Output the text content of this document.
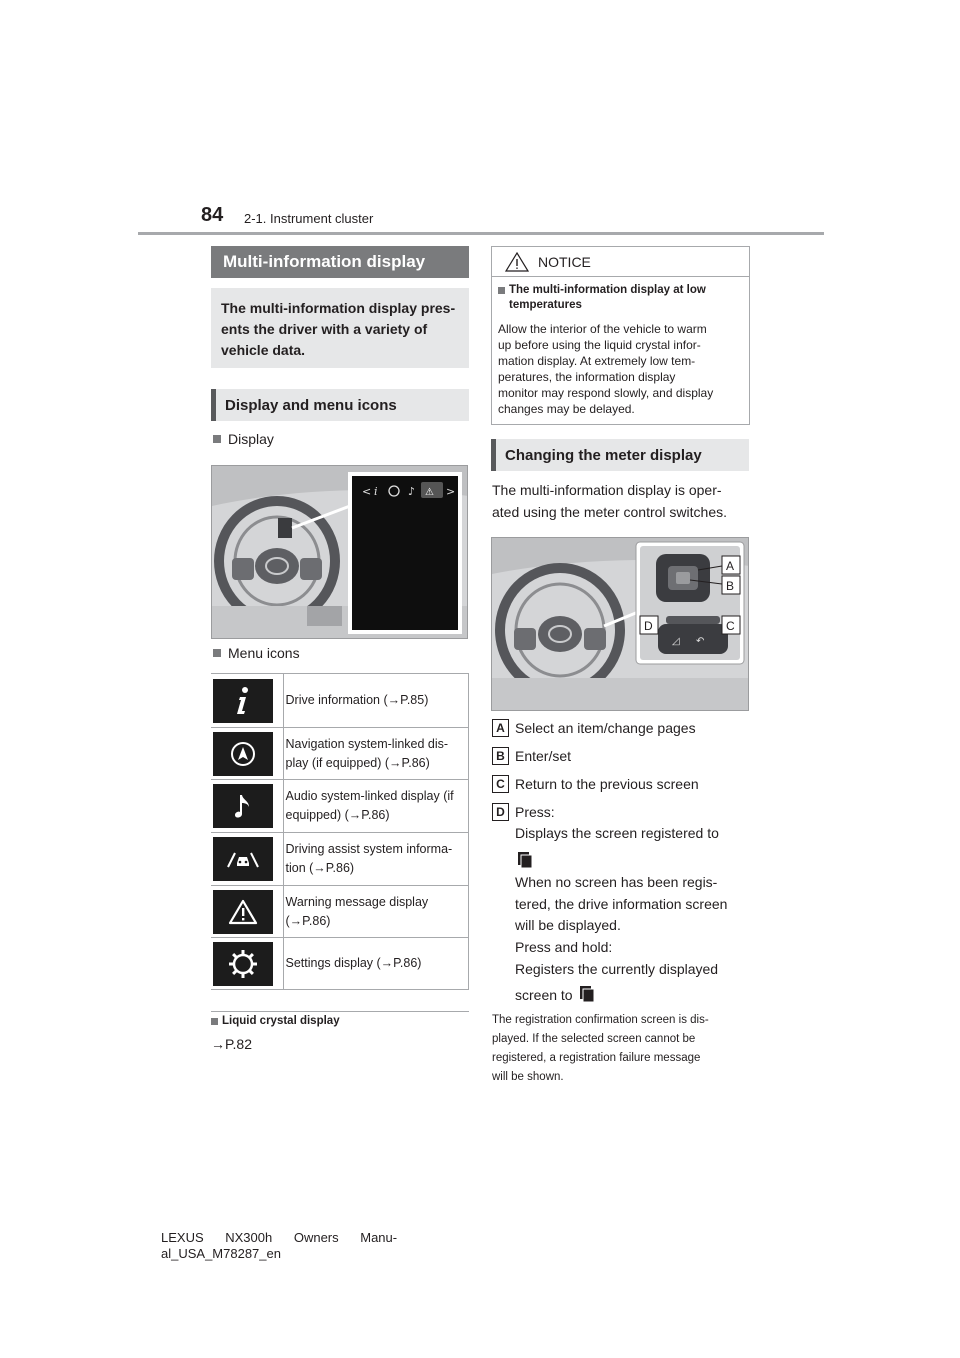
84 2-1. Instrument cluster
Multi-information display
The multi-information display pres-
ents the driver with a variety of
vehicle data.
Display and menu icons
Display
< i	♪ ⚠ >
Menu icons

Drive information (→P.85)

Navigation system-linked dis-
play (if equipped) (→P.86)

Audio system-linked display (if
equipped) (→P.86)

Driving assist system informa-
tion (→P.86)

Warning message display
(→P.86)

Settings display (→P.86)
Liquid crystal display
→P.82
NOTICE
The multi-information display at low
temperatures
Allow the interior of the vehicle to warm
up before using the liquid crystal infor-
mation display. At extremely low tem-
peratures, the information display
monitor may respond slowly, and display
changes may be delayed.
Changing the meter display
The multi-information display is oper-
ated using the meter control switches.
A
B
◿ ↶
D	C
A Select an item/change pages
B Enter/set
C Return to the previous screen
D Press:
Displays the screen registered to
When no screen has been regis-
tered, the drive information screen
will be displayed.
Press and hold:
Registers the currently displayed
screen to
The registration confirmation screen is dis-
played. If the selected screen cannot be
registered, a registration failure message
will be shown.
LEXUS NX300h Owners Manu-
al_USA_M78287_en
